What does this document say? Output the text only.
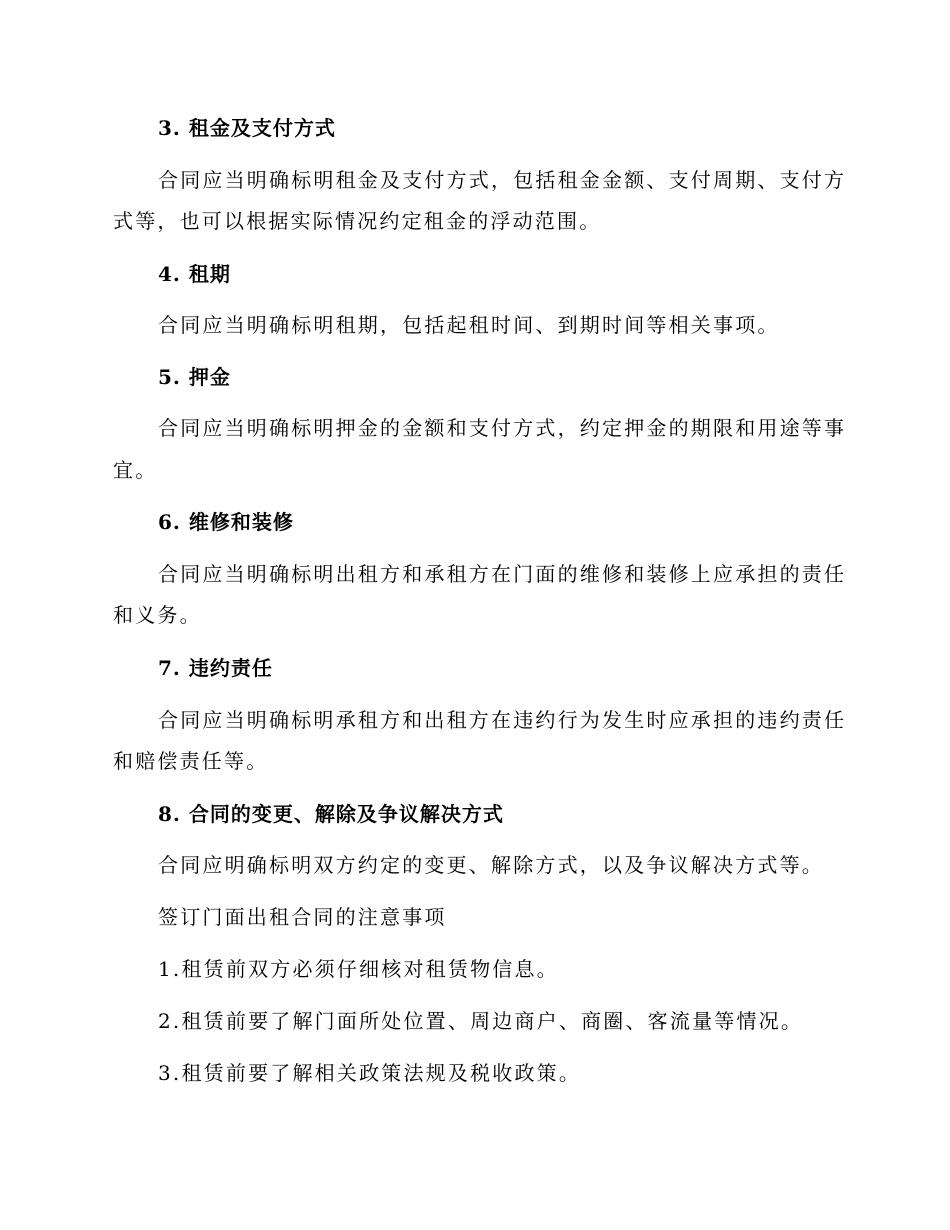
3. 租金及支付方式
合同应当明确标明租金及支付方式，包括租金金额、支付周期、支付方
式等，也可以根据实际情况约定租金的浮动范围。
4. 租期
合同应当明确标明租期，包括起租时间、到期时间等相关事项。
5. 押金
合同应当明确标明押金的金额和支付方式，约定押金的期限和用途等事
宜。
6. 维修和装修
合同应当明确标明出租方和承租方在门面的维修和装修上应承担的责任
和义务。
7. 违约责任
合同应当明确标明承租方和出租方在违约行为发生时应承担的违约责任
和赔偿责任等。
8. 合同的变更、解除及争议解决方式
合同应明确标明双方约定的变更、解除方式，以及争议解决方式等。
签订门面出租合同的注意事项
1.租赁前双方必须仔细核对租赁物信息。
2.租赁前要了解门面所处位置、周边商户、商圈、客流量等情况。
3.租赁前要了解相关政策法规及税收政策。
